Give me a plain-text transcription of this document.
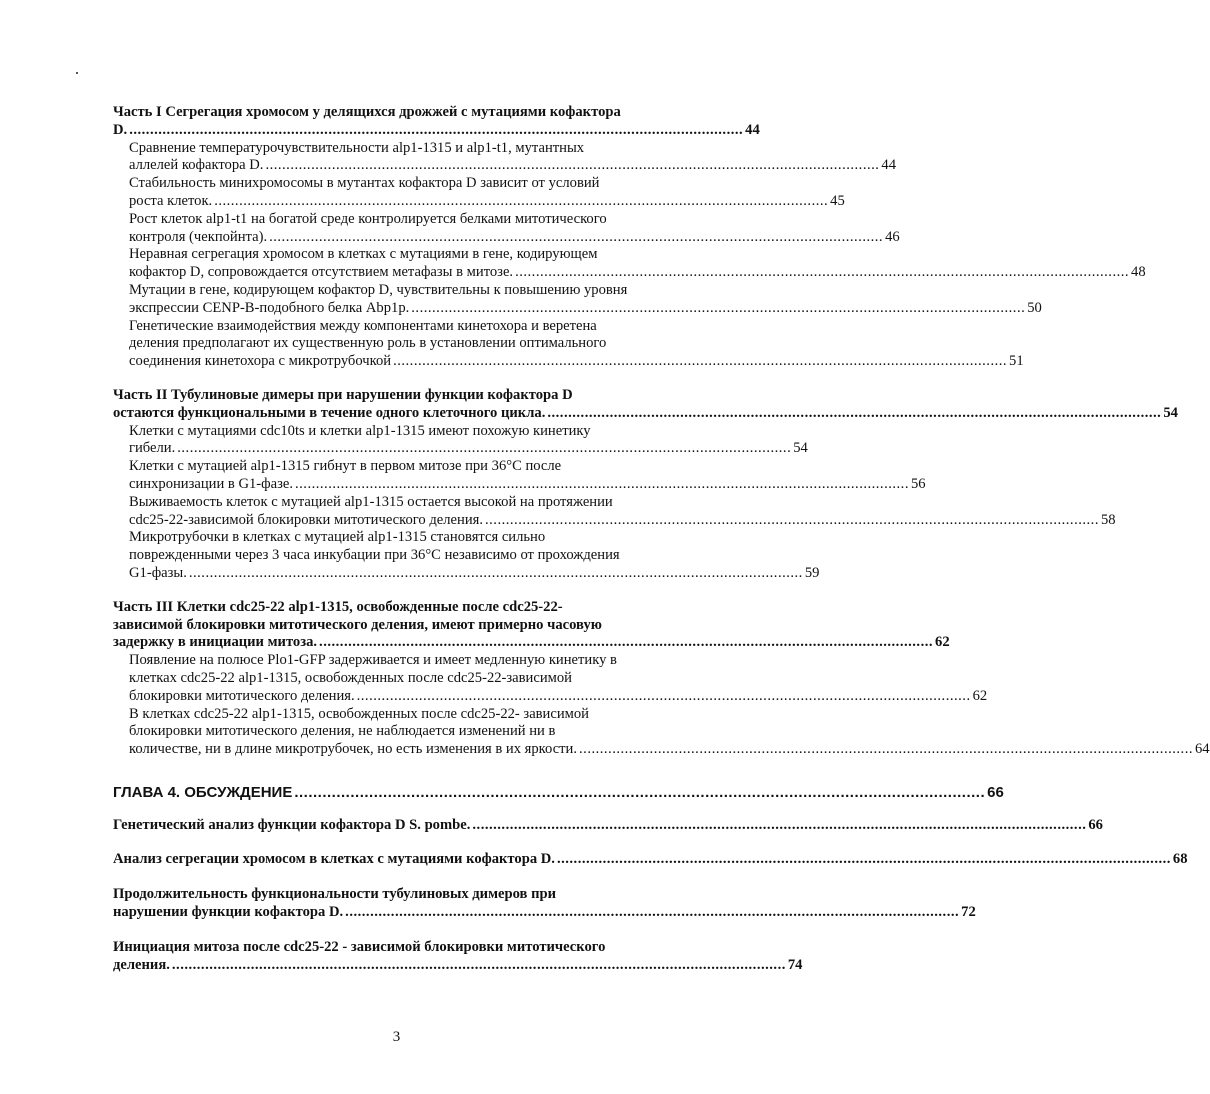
Часть I Сегрегация хромосом у делящихся дрожжей с мутациями кофактора
D. .................................................................................................................................................... 44
Сравнение температурочувствительности alp1-1315 и alp1-t1, мутантных
аллелей кофактора D. .................................................................................................................................................... 44
Стабильность минихромосомы в мутантах кофактора D зависит от условий
роста клеток. .................................................................................................................................................... 45
Рост клеток alp1-t1 на богатой среде контролируется белками митотического
контроля (чекпойнта). .................................................................................................................................................... 46
Неравная сегрегация хромосом в клетках с мутациями в гене, кодирующем
кофактор D, сопровождается отсутствием метафазы в митозе. .................................................................................................................................................... 48
Мутации в гене, кодирующем кофактор D, чувствительны к повышению уровня
экспрессии CENP-B-подобного белка Abp1p. .................................................................................................................................................... 50
Генетические взаимодействия между компонентами кинетохора и веретена
деления предполагают их существенную роль в установлении оптимального
соединения кинетохора с микротрубочкой .................................................................................................................................................... 51
Часть II Тубулиновые димеры при нарушении функции кофактора D
остаются функциональными в течение одного клеточного цикла. .................................................................................................................................................... 54
Клетки с мутациями cdc10ts и клетки alp1-1315 имеют похожую кинетику
гибели. .................................................................................................................................................... 54
Клетки с мутацией alp1-1315 гибнут в первом митозе при 36°С после
синхронизации в G1-фазе. .................................................................................................................................................... 56
Выживаемость клеток с мутацией alp1-1315 остается высокой на протяжении
cdc25-22-зависимой блокировки митотического деления. .................................................................................................................................................... 58
Микротрубочки в клетках с мутацией alp1-1315 становятся сильно
поврежденными через 3 часа инкубации при 36°С независимо от прохождения
G1-фазы. .................................................................................................................................................... 59
Часть III Клетки cdc25-22 alp1-1315, освобожденные после cdc25-22-
зависимой блокировки митотического деления, имеют примерно часовую
задержку в инициации митоза. .................................................................................................................................................... 62
Появление на полюсе Plo1-GFP задерживается и имеет медленную кинетику в
клетках cdc25-22 alp1-1315, освобожденных после cdc25-22-зависимой
блокировки митотического деления. .................................................................................................................................................... 62
В клетках cdc25-22 alp1-1315, освобожденных после cdc25-22- зависимой
блокировки митотического деления, не наблюдается изменений ни в
количестве, ни в длине микротрубочек, но есть изменения в их яркости. .................................................................................................................................................... 64
ГЛАВА 4. ОБСУЖДЕНИЕ .................................................................................................................................................... 66
Генетический анализ функции кофактора D S. pombe. .................................................................................................................................................... 66
Анализ сегрегации хромосом в клетках с мутациями кофактора D. .................................................................................................................................................... 68
Продолжительность функциональности тубулиновых димеров при
нарушении функции кофактора D. .................................................................................................................................................... 72
Инициация митоза после cdc25-22 - зависимой блокировки митотического
деления. .................................................................................................................................................... 74
3
